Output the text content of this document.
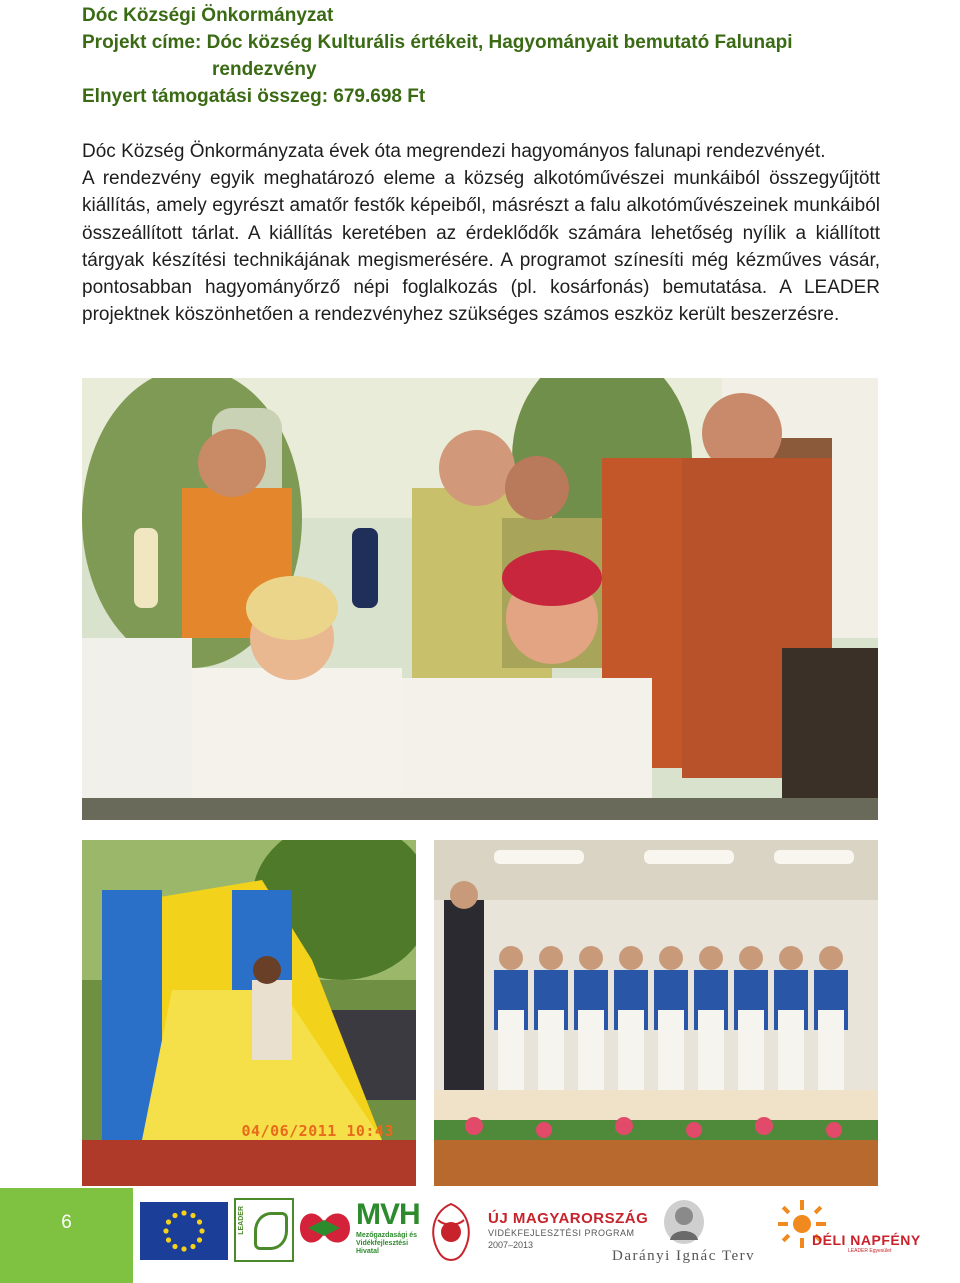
Dóc Községi Önkormányzat
Projekt címe: Dóc község Kulturális értékeit, Hagyományait bemutató Falunapi
rendezvény
Elnyert támogatási összeg: 679.698 Ft

Dóc Község Önkormányzata évek óta megrendezi hagyományos falunapi rendezvényét.

A rendezvény egyik meghatározó eleme a község alkotóművészei munkáiból összegyűjtött kiállítás, amely egyrészt amatőr festők képeiből, másrészt a falu alkotóművészeinek munkáiból összeállított tárlat. A kiállítás keretében az érdeklődők számára lehetőség nyílik a kiállított tárgyak készítési technikájának megismerésére. A programot színesíti még kézműves vásár, pontosabban hagyományőrző népi foglalkozás (pl. kosárfonás) bemutatása. A LEADER projektnek köszönhetően a rendezvényhez szükséges számos eszköz került beszerzésre.

04/06/2011 10:43
6	LEADER	MVH
Mezőgazdasági és Vidékfejlesztési Hivatal
ÚJ MAGYARORSZÁG
VIDÉKFEJLESZTÉSI PROGRAM
2007–2013
Darányi Ignác Terv
DÉLI NAPFÉNY
LEADER Egyesület
